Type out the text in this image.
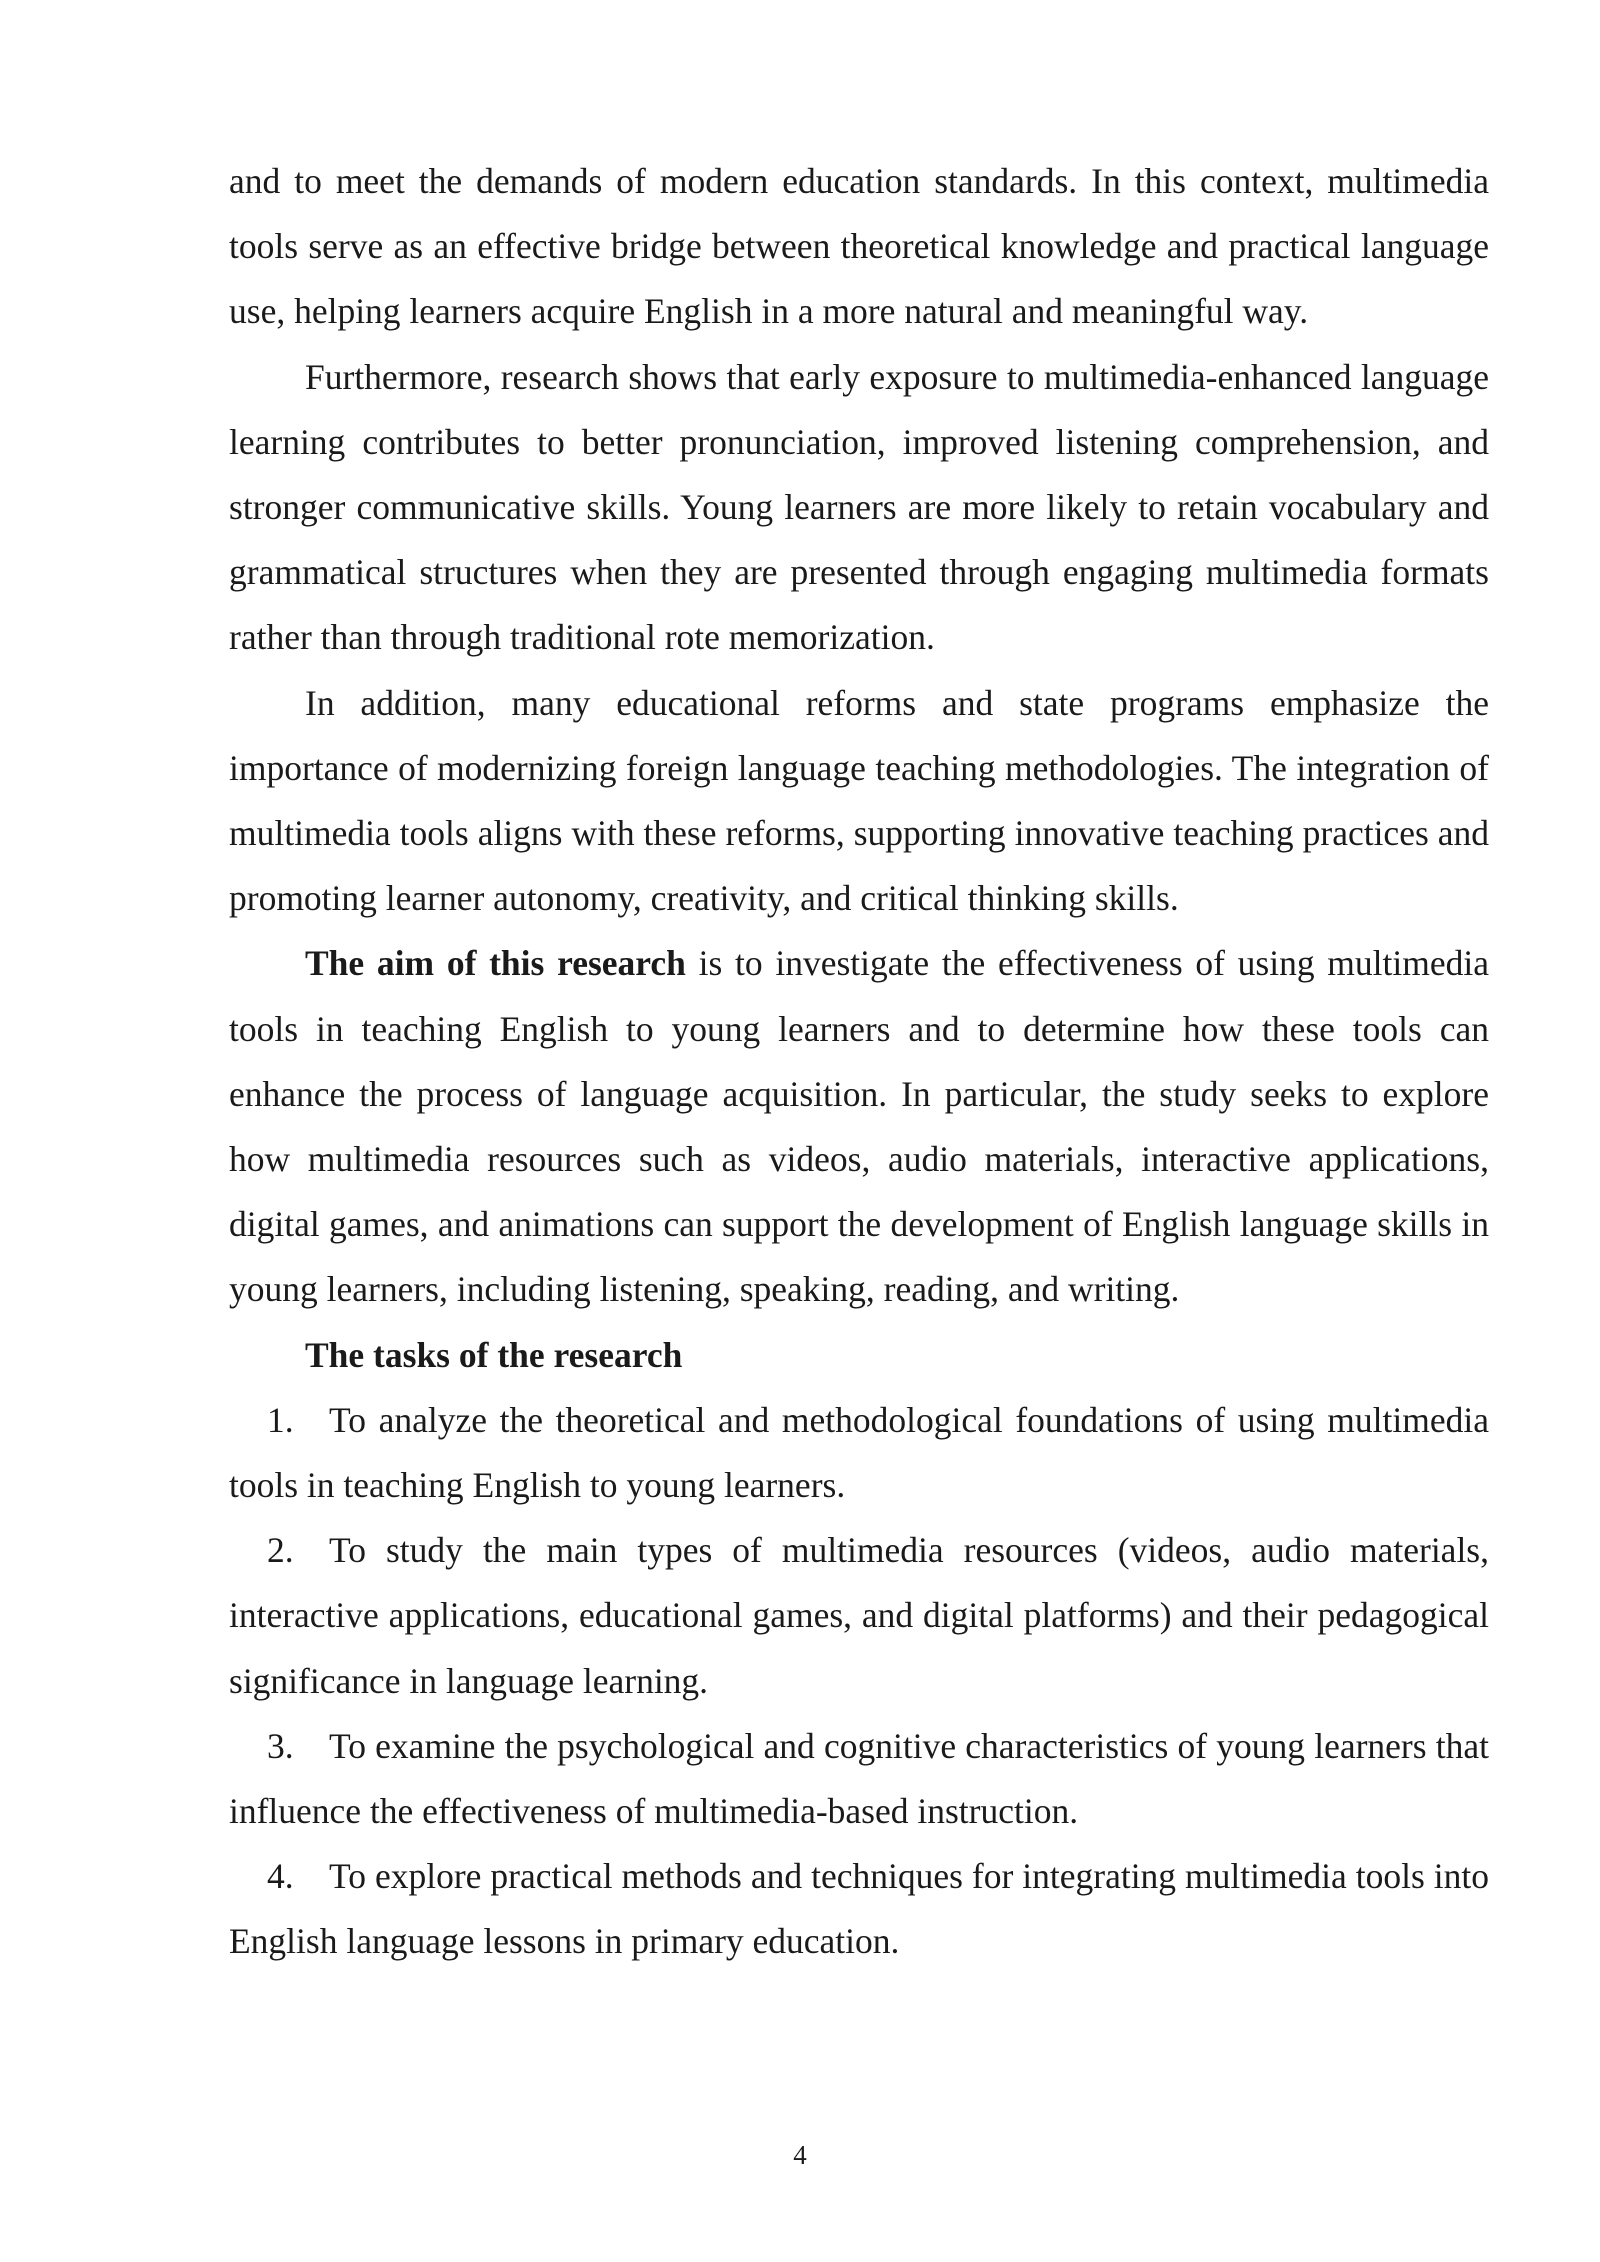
and to meet the demands of modern education standards. In this context, multimedia tools serve as an effective bridge between theoretical knowledge and practical language use, helping learners acquire English in a more natural and meaningful way.

Furthermore, research shows that early exposure to multimedia-enhanced language learning contributes to better pronunciation, improved listening comprehension, and stronger communicative skills. Young learners are more likely to retain vocabulary and grammatical structures when they are presented through engaging multimedia formats rather than through traditional rote memorization.

In addition, many educational reforms and state programs emphasize the importance of modernizing foreign language teaching methodologies. The integration of multimedia tools aligns with these reforms, supporting innovative teaching practices and promoting learner autonomy, creativity, and critical thinking skills.

The aim of this research is to investigate the effectiveness of using multimedia tools in teaching English to young learners and to determine how these tools can enhance the process of language acquisition. In particular, the study seeks to explore how multimedia resources such as videos, audio materials, interactive applications, digital games, and animations can support the development of English language skills in young learners, including listening, speaking, reading, and writing.

The tasks of the research

1. To analyze the theoretical and methodological foundations of using multimedia tools in teaching English to young learners.

2. To study the main types of multimedia resources (videos, audio materials, interactive applications, educational games, and digital platforms) and their pedagogical significance in language learning.

3. To examine the psychological and cognitive characteristics of young learners that influence the effectiveness of multimedia-based instruction.

4. To explore practical methods and techniques for integrating multimedia tools into English language lessons in primary education.

4
